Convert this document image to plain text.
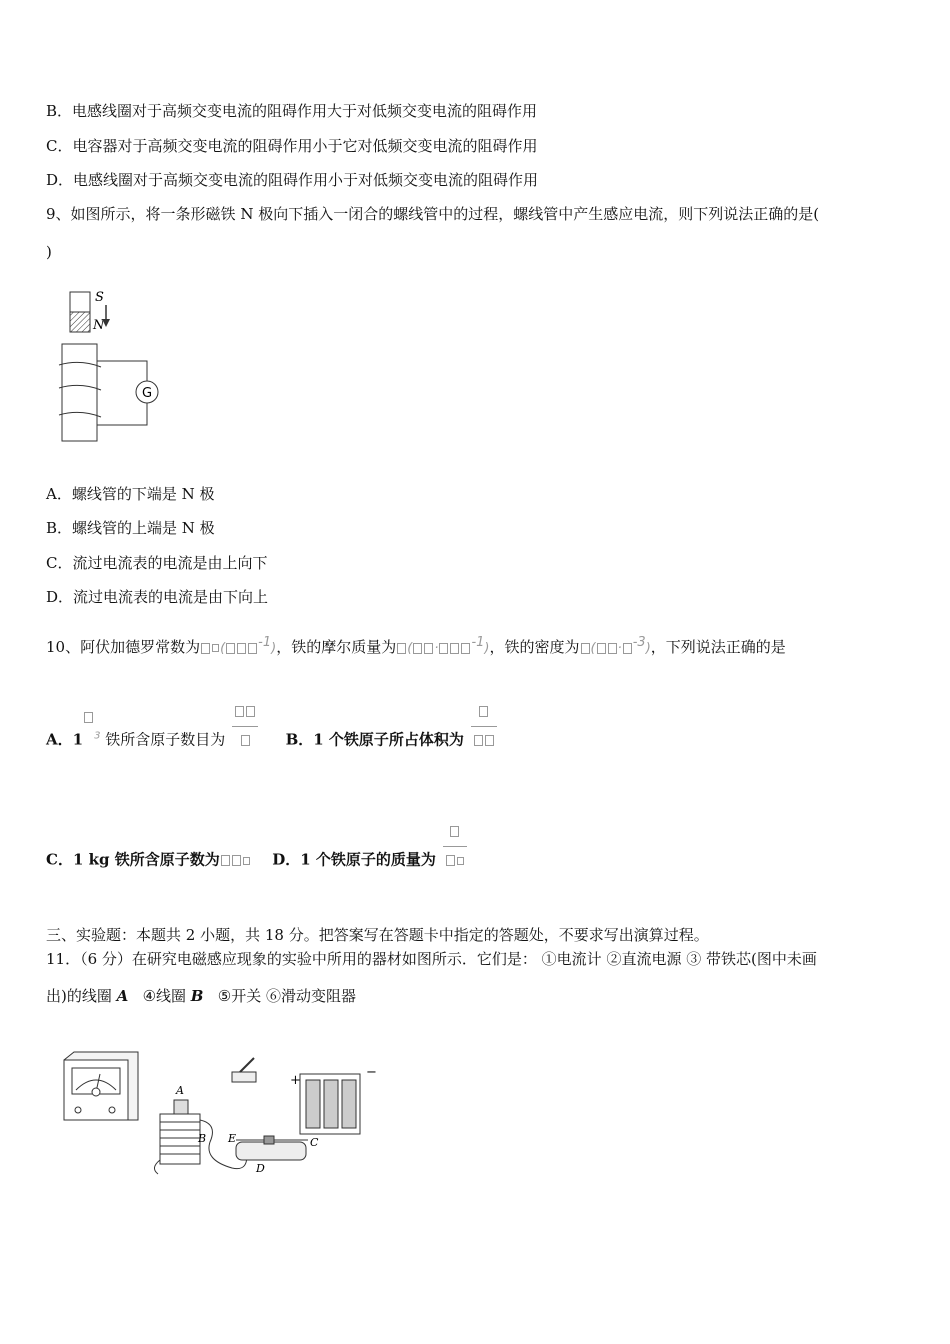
B．电感线圈对于高频交变电流的阻碍作用大于对低频交变电流的阻碍作用
C．电容器对于高频交变电流的阻碍作用小于它对低频交变电流的阻碍作用
D．电感线圈对于高频交变电流的阻碍作用小于对低频交变电流的阻碍作用
9、如图所示，将一条形磁铁 N 极向下插入一闭合的螺线管中的过程，螺线管中产生感应电流，则下列说法正确的是(
)
S
N
G
A．螺线管的下端是 N 极
B．螺线管的上端是 N 极
C．流过电流表的电流是由上向下
D．流过电流表的电流是由下向上
10、阿伏加德罗常数为 (	$^{-1}$)，铁的摩尔质量为 ( ·	$^{-1}$)，铁的密度为 ( · $^{-3}$)，下列说法正确的是
A．1 $^3$ 铁所含原子数目为	B．1 个铁原子所占体积为
C．1 kg 铁所含原子数为	D．1 个铁原子的质量为
三、实验题：本题共 2 小题，共 18 分。把答案写在答题卡中指定的答题处，不要求写出演算过程。
11．（6 分）在研究电磁感应现象的实验中所用的器材如图所示．它们是： ①电流计 ②直流电源 ③ 带铁芯(图中未画
出)的线圈 A ④线圈 B ⑤开关 ⑥滑动变阻器
A
B
+
−
E	C
D
